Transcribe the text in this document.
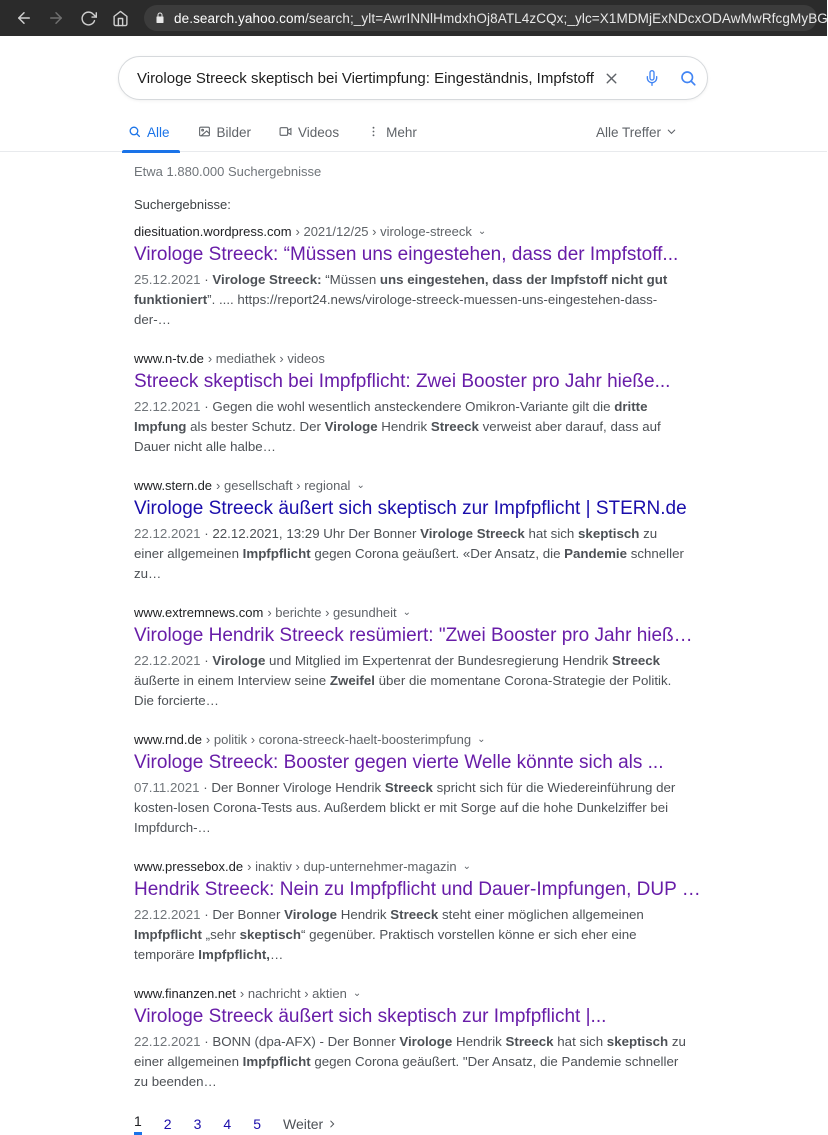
de.search.yahoo.com/search;_ylt=AwrINNlHmdxhOj8ATL4zCQx;_ylc=X1MDMjExNDcxODAwMwRfcgMyBG
Virologe Streeck skeptisch bei Viertimpfung: Eingeständnis, Impfstoff
Alle	Bilder	Videos	Mehr	Alle Treffer
Etwa 1.880.000 Suchergebnisse
Suchergebnisse:
diesituation.wordpress.com › 2021/12/25 › virologe-streeck ⌄
Virologe Streeck: “Müssen uns eingestehen, dass der Impfstoff...
25.12.2021 · Virologe Streeck: “Müssen uns eingestehen, dass der Impfstoff nicht gut funktioniert”. .... https://report24.news/virologe-streeck-muessen-uns-eingestehen-dass-der-…
www.n-tv.de › mediathek › videos
Streeck skeptisch bei Impfpflicht: Zwei Booster pro Jahr hieße...
22.12.2021 · Gegen die wohl wesentlich ansteckendere Omikron-Variante gilt die dritte Impfung als bester Schutz. Der Virologe Hendrik Streeck verweist aber darauf, dass auf Dauer nicht alle halbe…
www.stern.de › gesellschaft › regional ⌄
Virologe Streeck äußert sich skeptisch zur Impfpflicht | STERN.de
22.12.2021 · 22.12.2021, 13:29 Uhr Der Bonner Virologe Streeck hat sich skeptisch zu einer allgemeinen Impfpflicht gegen Corona geäußert. «Der Ansatz, die Pandemie schneller zu…
www.extremnews.com › berichte › gesundheit ⌄
Virologe Hendrik Streeck resümiert: "Zwei Booster pro Jahr hieß…
22.12.2021 · Virologe und Mitglied im Expertenrat der Bundesregierung Hendrik Streeck äußerte in einem Interview seine Zweifel über die momentane Corona-Strategie der Politik. Die forcierte…
www.rnd.de › politik › corona-streeck-haelt-boosterimpfung ⌄
Virologe Streeck: Booster gegen vierte Welle könnte sich als ...
07.11.2021 · Der Bonner Virologe Hendrik Streeck spricht sich für die Wiedereinführung der kosten-losen Corona-Tests aus. Außerdem blickt er mit Sorge auf die hohe Dunkelziffer bei Impfdurch-…
www.pressebox.de › inaktiv › dup-unternehmer-magazin ⌄
Hendrik Streeck: Nein zu Impfpflicht und Dauer-Impfungen, DUP …
22.12.2021 · Der Bonner Virologe Hendrik Streeck steht einer möglichen allgemeinen Impfpflicht „sehr skeptisch“ gegenüber. Praktisch vorstellen könne er sich eher eine temporäre Impfpflicht,…
www.finanzen.net › nachricht › aktien ⌄
Virologe Streeck äußert sich skeptisch zur Impfpflicht |...
22.12.2021 · BONN (dpa-AFX) - Der Bonner Virologe Hendrik Streeck hat sich skeptisch zu einer allgemeinen Impfpflicht gegen Corona geäußert. "Der Ansatz, die Pandemie schneller zu beenden…
1 2 3 4 5 Weiter
